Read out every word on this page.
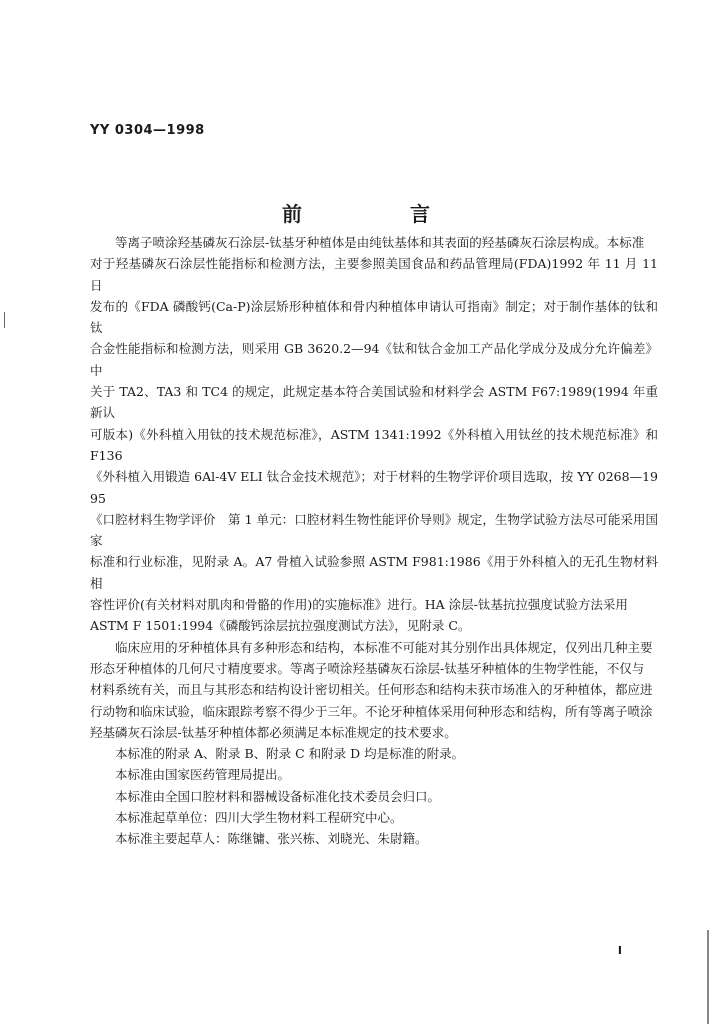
YY 0304—1998
前　言

等离子喷涂羟基磷灰石涂层-钛基牙种植体是由纯钛基体和其表面的羟基磷灰石涂层构成。本标准
对于羟基磷灰石涂层性能指标和检测方法，主要参照美国食品和药品管理局(FDA)1992 年 11 月 11 日
发布的《FDA 磷酸钙(Ca-P)涂层矫形种植体和骨内种植体申请认可指南》制定；对于制作基体的钛和钛
合金性能指标和检测方法，则采用 GB 3620.2—94《钛和钛合金加工产品化学成分及成分允许偏差》中
关于 TA2、TA3 和 TC4 的规定，此规定基本符合美国试验和材料学会 ASTM F67:1989(1994 年重新认
可版本)《外科植入用钛的技术规范标准》，ASTM 1341:1992《外科植入用钛丝的技术规范标准》和 F136
《外科植入用锻造 6Al-4V ELI 钛合金技术规范》；对于材料的生物学评价项目选取，按 YY 0268—1995
《口腔材料生物学评价　第 1 单元：口腔材料生物性能评价导则》规定，生物学试验方法尽可能采用国家
标准和行业标准，见附录 A。A7 骨植入试验参照 ASTM F981:1986《用于外科植入的无孔生物材料相
容性评价(有关材料对肌肉和骨骼的作用)的实施标准》进行。HA 涂层-钛基抗拉强度试验方法采用
ASTM F 1501:1994《磷酸钙涂层抗拉强度测试方法》，见附录 C。

临床应用的牙种植体具有多种形态和结构，本标准不可能对其分别作出具体规定，仅列出几种主要
形态牙种植体的几何尺寸精度要求。等离子喷涂羟基磷灰石涂层-钛基牙种植体的生物学性能，不仅与
材料系统有关，而且与其形态和结构设计密切相关。任何形态和结构未获市场准入的牙种植体，都应进
行动物和临床试验，临床跟踪考察不得少于三年。不论牙种植体采用何种形态和结构，所有等离子喷涂
羟基磷灰石涂层-钛基牙种植体都必须满足本标准规定的技术要求。

本标准的附录 A、附录 B、附录 C 和附录 D 均是标准的附录。

本标准由国家医药管理局提出。

本标准由全国口腔材料和器械设备标准化技术委员会归口。

本标准起草单位：四川大学生物材料工程研究中心。

本标准主要起草人：陈继镛、张兴栋、刘晓光、朱尉籍。

I
